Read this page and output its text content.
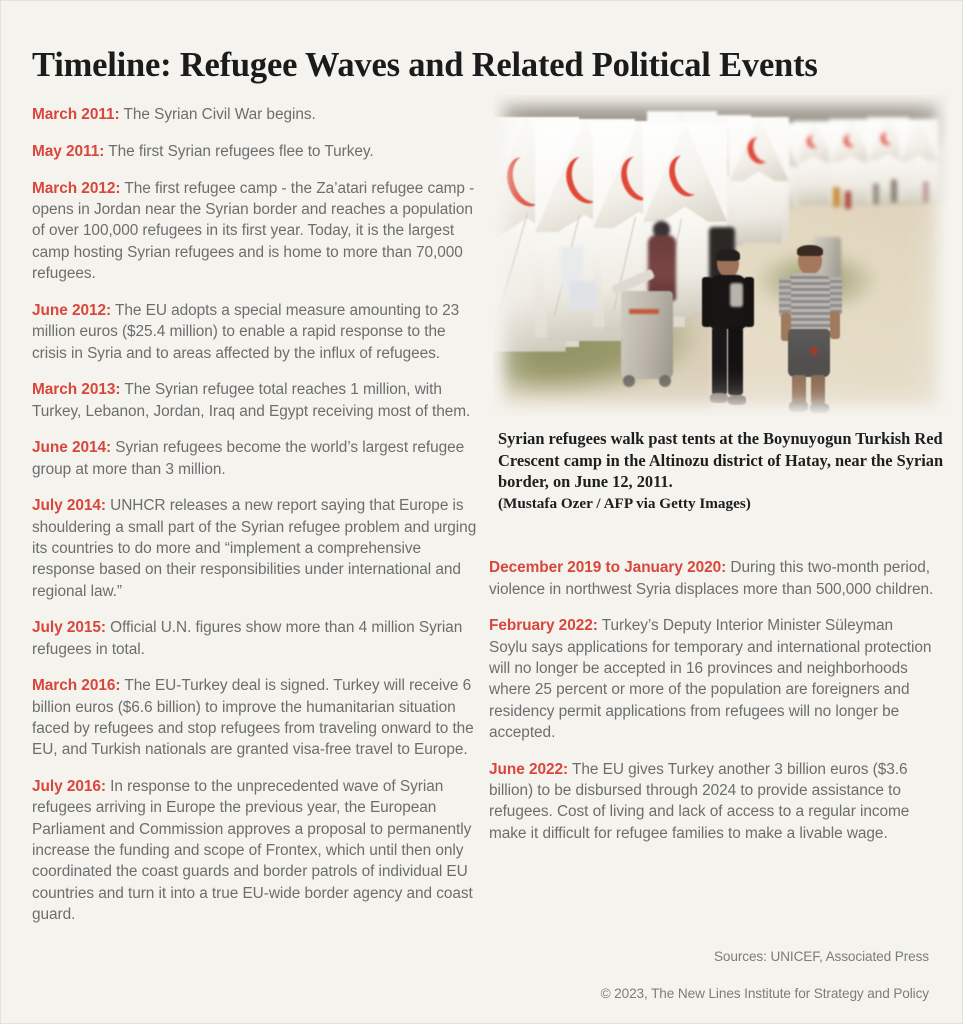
Timeline: Refugee Waves and Related Political Events
Syrian refugees walk past tents at the Boynuyogun Turkish Red Crescent camp in the Altinozu district of Hatay, near the Syrian border, on June 12, 2011.
(Mustafa Ozer / AFP via Getty Images)

March 2011: The Syrian Civil War begins.

May 2011: The first Syrian refugees flee to Turkey.

March 2012: The first refugee camp - the Za’atari refugee camp - opens in Jordan near the Syrian border and reaches a population of over 100,000 refugees in its first year. Today, it is the largest camp hosting Syrian refugees and is home to more than 70,000 refugees.

June 2012: The EU adopts a special measure amounting to 23 million euros ($25.4 million) to enable a rapid response to the crisis in Syria and to areas affected by the influx of refugees.

March 2013: The Syrian refugee total reaches 1 million, with Turkey, Lebanon, Jordan, Iraq and Egypt receiving most of them.

June 2014: Syrian refugees become the world’s largest refugee group at more than 3 million.

July 2014: UNHCR releases a new report saying that Europe is shouldering a small part of the Syrian refugee problem and urging its countries to do more and “implement a comprehensive response based on their responsibilities under international and regional law.”

July 2015: Official U.N. figures show more than 4 million Syrian refugees in total.

March 2016: The EU-Turkey deal is signed. Turkey will receive 6 billion euros ($6.6 billion) to improve the humanitarian situation faced by refugees and stop refugees from traveling onward to the EU, and Turkish nationals are granted visa-free travel to Europe.

July 2016: In response to the unprecedented wave of Syrian refugees arriving in Europe the previous year, the European Parliament and Commission approves a proposal to permanently increase the funding and scope of Frontex, which until then only coordinated the coast guards and border patrols of individual EU countries and turn it into a true EU-wide border agency and coast guard.

December 2019 to January 2020: During this two-month period, violence in northwest Syria displaces more than 500,000 children.

February 2022: Turkey’s Deputy Interior Minister Süleyman Soylu says applications for temporary and international protection will no longer be accepted in 16 provinces and neighborhoods where 25 percent or more of the population are foreigners and residency permit applications from refugees will no longer be accepted.

June 2022: The EU gives Turkey another 3 billion euros ($3.6 billion) to be disbursed through 2024 to provide assistance to refugees. Cost of living and lack of access to a regular income make it difficult for refugee families to make a livable wage.

Sources: UNICEF, Associated Press
© 2023, The New Lines Institute for Strategy and Policy
